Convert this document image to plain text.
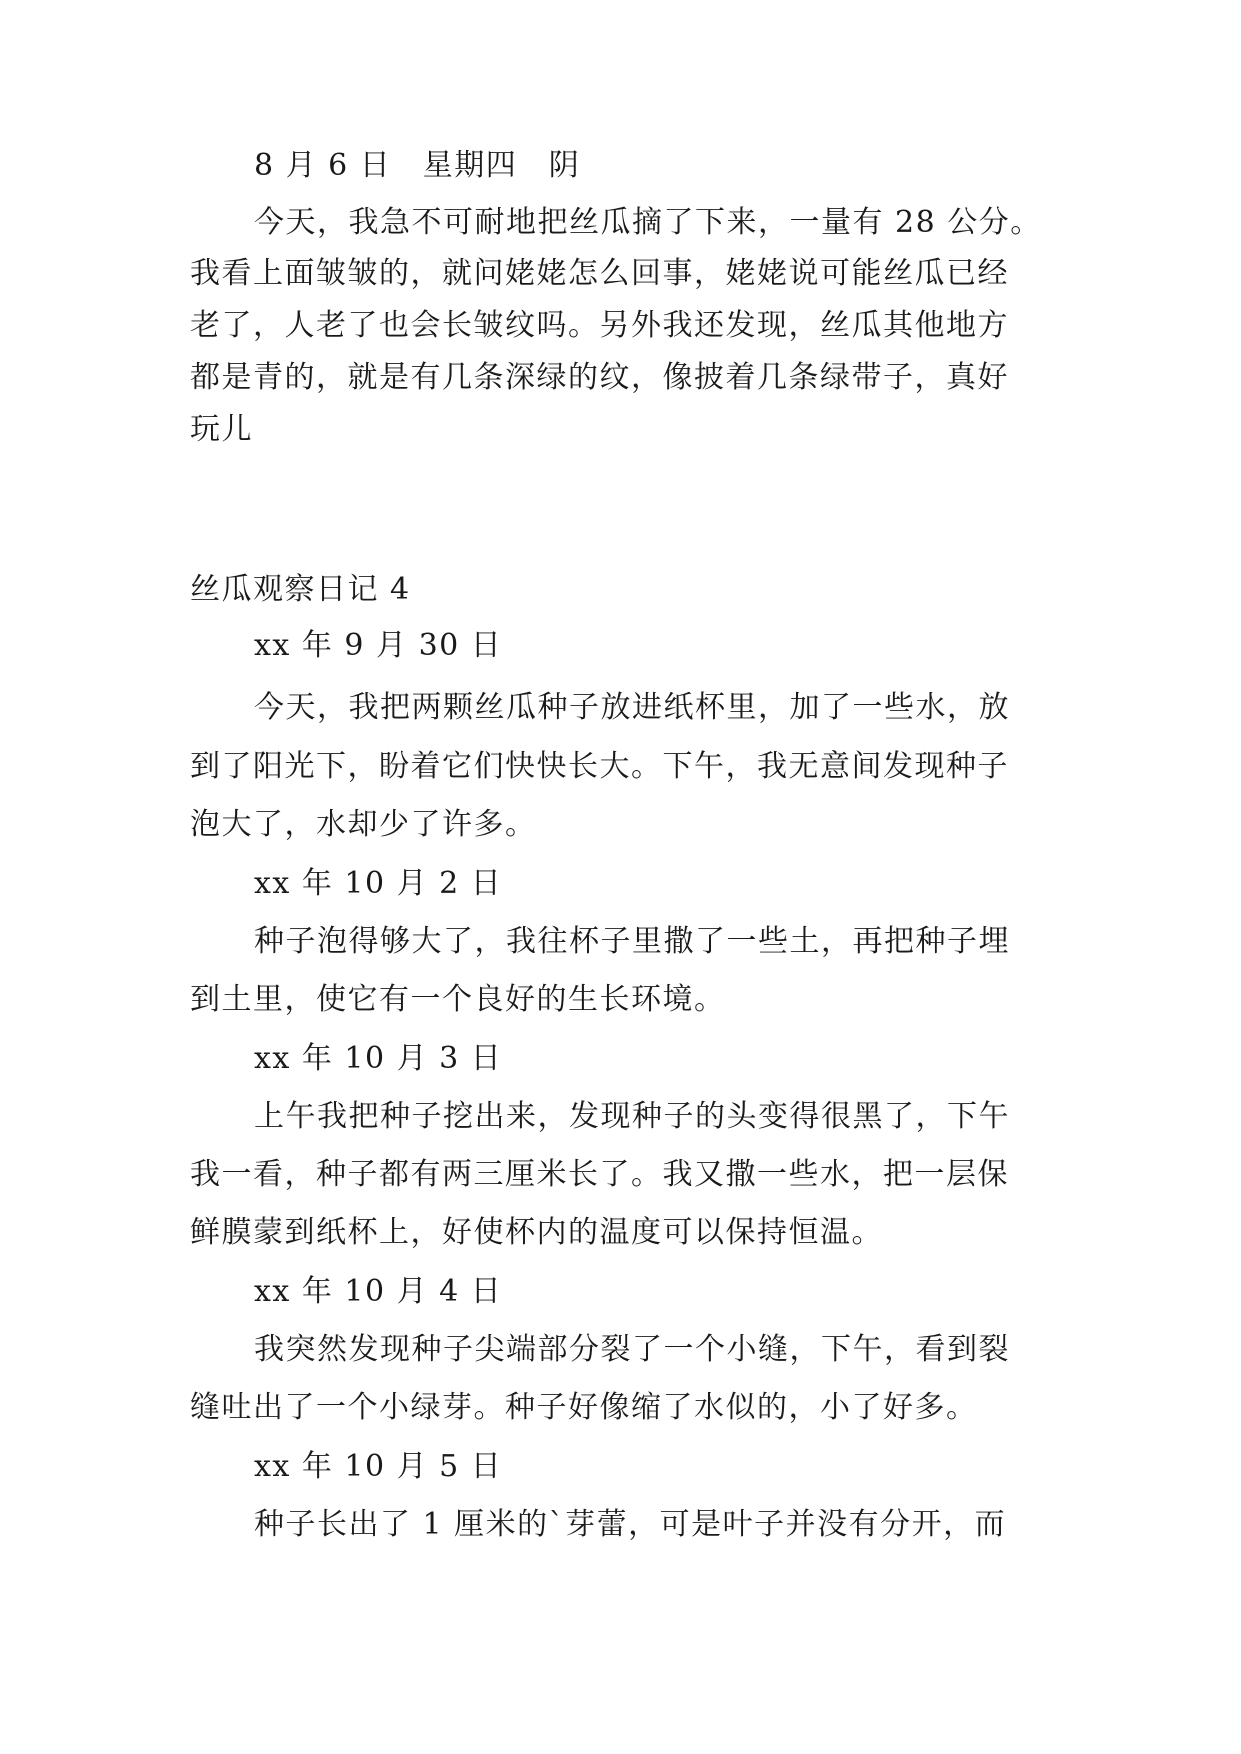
8 月 6 日　星期四　阴
今天，我急不可耐地把丝瓜摘了下来，一量有 28 公分。
我看上面皱皱的，就问姥姥怎么回事，姥姥说可能丝瓜已经
老了，人老了也会长皱纹吗。另外我还发现，丝瓜其他地方
都是青的，就是有几条深绿的纹，像披着几条绿带子，真好
玩儿
丝瓜观察日记 4
xx 年 9 月 30 日
今天，我把两颗丝瓜种子放进纸杯里，加了一些水，放
到了阳光下，盼着它们快快长大。下午，我无意间发现种子
泡大了，水却少了许多。
xx 年 10 月 2 日
种子泡得够大了，我往杯子里撒了一些土，再把种子埋
到土里，使它有一个良好的生长环境。
xx 年 10 月 3 日
上午我把种子挖出来，发现种子的头变得很黑了，下午
我一看，种子都有两三厘米长了。我又撒一些水，把一层保
鲜膜蒙到纸杯上，好使杯内的温度可以保持恒温。
xx 年 10 月 4 日
我突然发现种子尖端部分裂了一个小缝，下午，看到裂
缝吐出了一个小绿芽。种子好像缩了水似的，小了好多。
xx 年 10 月 5 日
种子长出了 1 厘米的`芽蕾，可是叶子并没有分开，而
